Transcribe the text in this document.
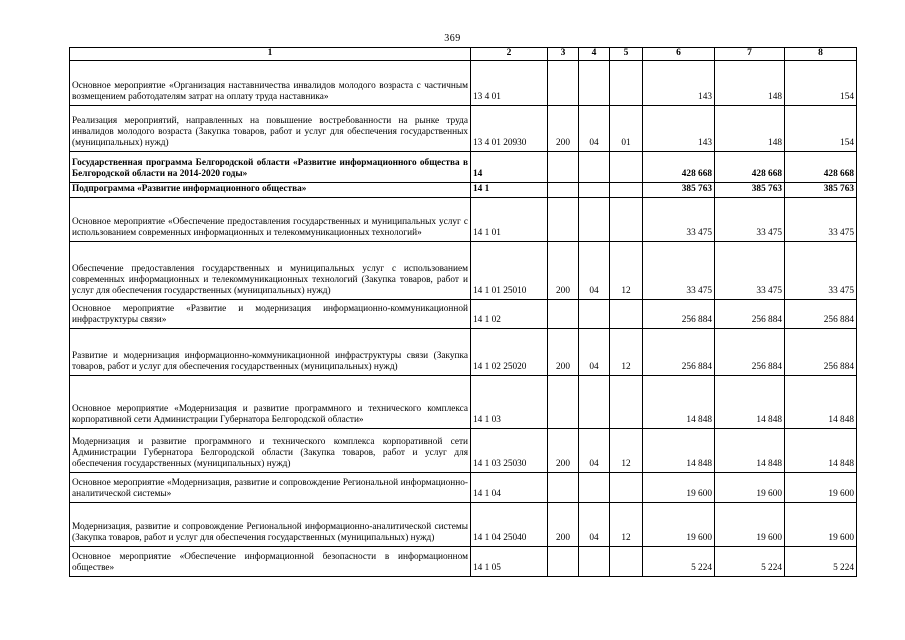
369
1	2	3	4	5	6	7	8
Основное мероприятие «Организация наставничества инвалидов молодого возраста с частичным возмещением работодателям затрат на оплату труда наставника»	13 4 01				143	148	154
Реализация мероприятий, направленных на повышение востребованности на рынке труда инвалидов молодого возраста (Закупка товаров, работ и услуг для обеспечения государственных (муниципальных) нужд)	13 4 01 20930	200	04	01	143	148	154
Государственная программа Белгородской области «Развитие информационного общества в Белгородской области на 2014-2020 годы»	14				428 668	428 668	428 668
Подпрограмма «Развитие информационного общества»	14 1				385 763	385 763	385 763
Основное мероприятие «Обеспечение предоставления государственных и муниципальных услуг с использованием современных информационных и телекоммуникационных технологий»	14 1 01				33 475	33 475	33 475
Обеспечение предоставления государственных и муниципальных услуг с использованием современных информационных и телекоммуникационных технологий (Закупка товаров, работ и услуг для обеспечения государственных (муниципальных) нужд)	14 1 01 25010	200	04	12	33 475	33 475	33 475
Основное мероприятие «Развитие и модернизация информационно-коммуникационной инфраструктуры связи»	14 1 02				256 884	256 884	256 884
Развитие и модернизация информационно-коммуникационной инфраструктуры связи (Закупка товаров, работ и услуг для обеспечения государственных (муниципальных) нужд)	14 1 02 25020	200	04	12	256 884	256 884	256 884
Основное мероприятие «Модернизация и развитие программного и технического комплекса корпоративной сети Администрации Губернатора Белгородской области»	14 1 03				14 848	14 848	14 848
Модернизация и развитие программного и технического комплекса корпоративной сети Администрации Губернатора Белгородской области (Закупка товаров, работ и услуг для обеспечения государственных (муниципальных) нужд)	14 1 03 25030	200	04	12	14 848	14 848	14 848
Основное мероприятие «Модернизация, развитие и сопровождение Региональной информационно-аналитической системы»	14 1 04				19 600	19 600	19 600
Модернизация, развитие и сопровождение Региональной информационно-аналитической системы (Закупка товаров, работ и услуг для обеспечения государственных (муниципальных) нужд)	14 1 04 25040	200	04	12	19 600	19 600	19 600
Основное мероприятие «Обеспечение информационной безопасности в информационном обществе»	14 1 05				5 224	5 224	5 224
